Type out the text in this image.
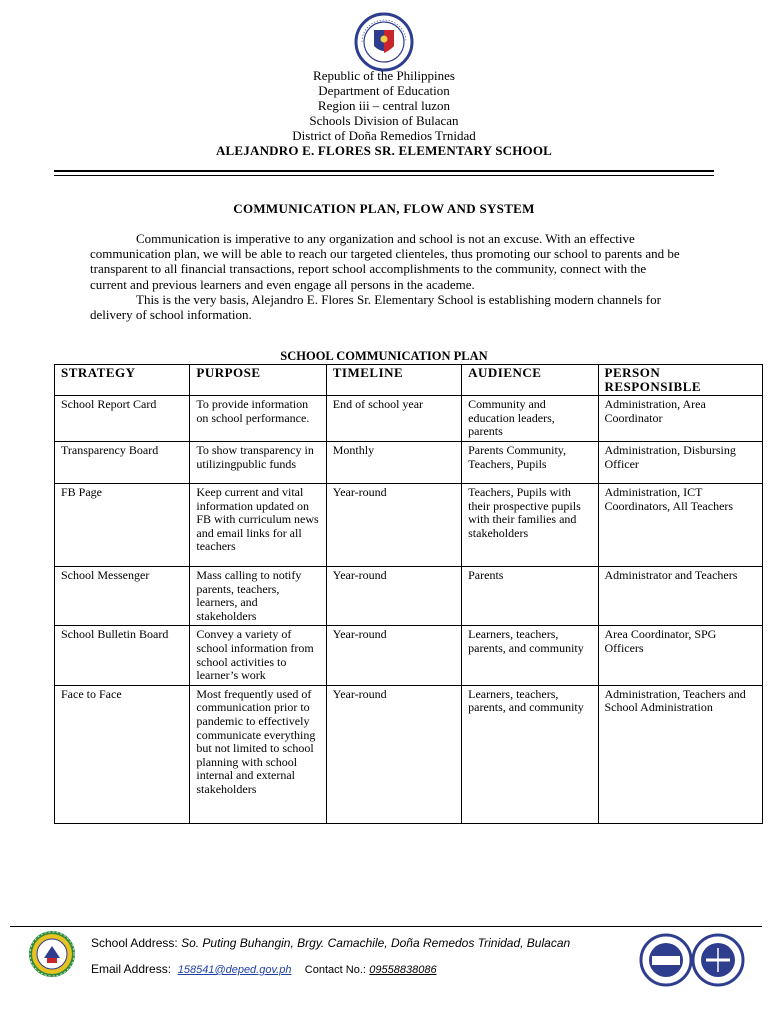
Republic of the Philippines
Department of Education
Region iii – central luzon
Schools Division of Bulacan
District of Doña Remedios Trnidad
ALEJANDRO E. FLORES SR. ELEMENTARY SCHOOL
COMMUNICATION PLAN, FLOW AND SYSTEM

Communication is imperative to any organization and school is not an excuse. With an effective communication plan, we will be able to reach our targeted clienteles, thus promoting our school to parents and be transparent to all financial transactions, report school accomplishments to the community, connect with the current and previous learners and even engage all persons in the academe.

This is the very basis, Alejandro E. Flores Sr. Elementary School is establishing modern channels for delivery of school information.

SCHOOL COMMUNICATION PLAN
STRATEGY	PURPOSE	TIMELINE	AUDIENCE	PERSON RESPONSIBLE
School Report Card	To provide information on school performance.	End of school year	Community and education leaders, parents	Administration, Area Coordinator
Transparency Board	To show transparency in utilizingpublic funds	Monthly	Parents Community, Teachers, Pupils	Administration, Disbursing Officer
FB Page	Keep current and vital information updated on FB with curriculum news and email links for all teachers	Year-round	Teachers, Pupils with their prospective pupils with their families and stakeholders	Administration, ICT Coordinators, All Teachers
School Messenger	Mass calling to notify parents, teachers, learners, and stakeholders	Year-round	Parents	Administrator and Teachers
School Bulletin Board	Convey a variety of school information from school activities to learner’s work	Year-round	Learners, teachers, parents, and community	Area Coordinator, SPG Officers
Face to Face	Most frequently used of communication prior to pandemic to effectively communicate everything but not limited to school planning with school internal and external stakeholders	Year-round	Learners, teachers, parents, and community	Administration, Teachers and School Administration
School Address: So. Puting Buhangin, Brgy. Camachile, Doña Remedos Trinidad, Bulacan
Email Address: 158541@deped.gov.ph Contact No.: 09558838086
